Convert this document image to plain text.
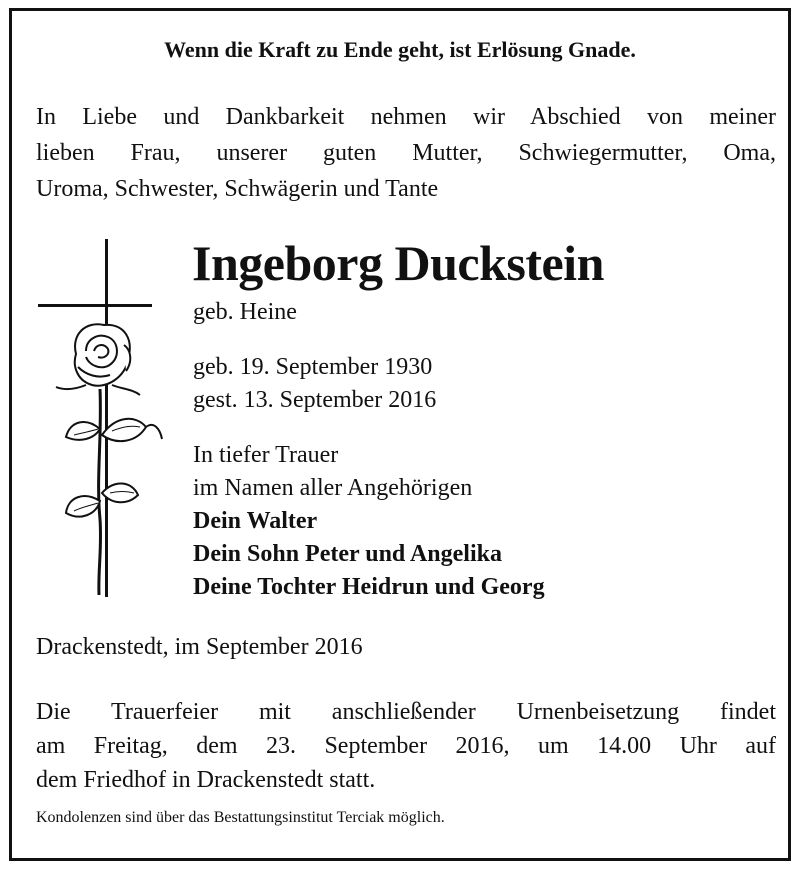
Wenn die Kraft zu Ende geht, ist Erlösung Gnade.
In Liebe und Dankbarkeit nehmen wir Abschied von meiner
lieben Frau, unserer guten Mutter, Schwiegermutter, Oma,
Uroma, Schwester, Schwägerin und Tante
Ingeborg Duckstein
geb. Heine
geb. 19. September 1930
gest. 13. September 2016
In tiefer Trauer
im Namen aller Angehörigen
Dein Walter
Dein Sohn Peter und Angelika
Deine Tochter Heidrun und Georg
Drackenstedt, im September 2016
Die Trauerfeier mit anschließender Urnenbeisetzung findet
am Freitag, dem 23. September 2016, um 14.00 Uhr auf
dem Friedhof in Drackenstedt statt.
Kondolenzen sind über das Bestattungsinstitut Terciak möglich.
